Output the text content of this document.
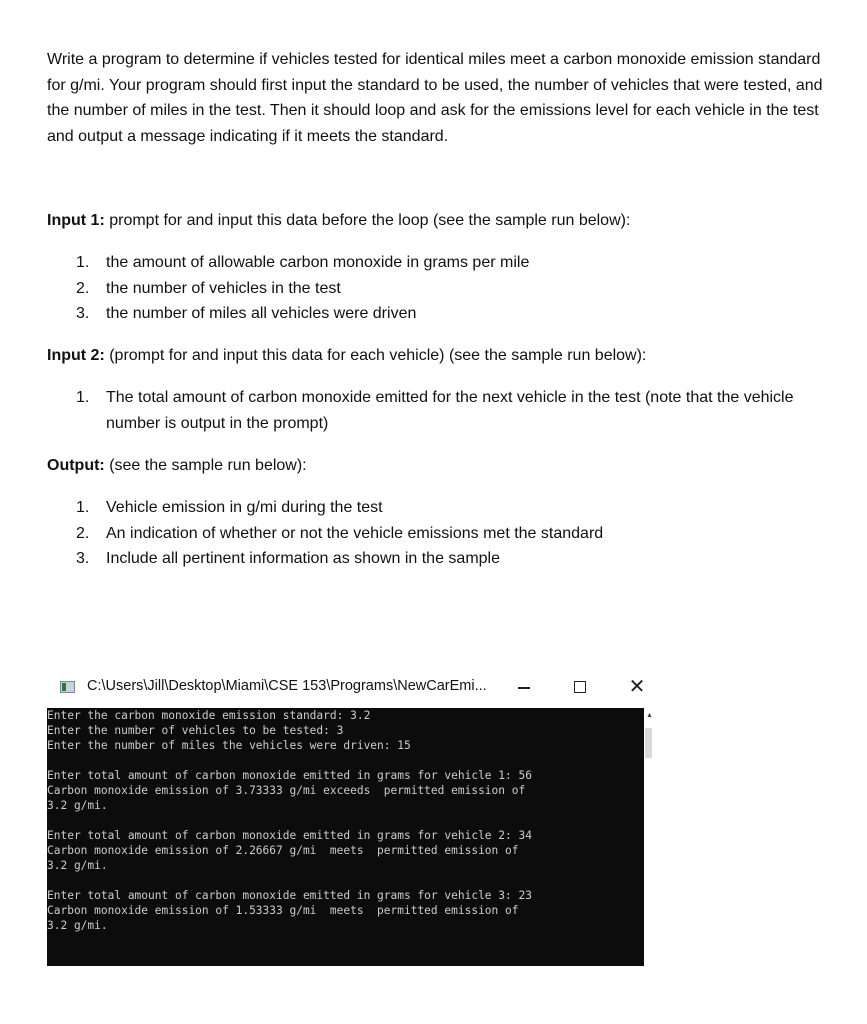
Write a program to determine if vehicles tested for identical miles meet a carbon monoxide emission standard for g/mi. Your program should first input the standard to be used, the number of vehicles that were tested, and the number of miles in the test. Then it should loop and ask for the emissions level for each vehicle in the test and output a message indicating if it meets the standard.

Input 1: prompt for and input this data before the loop (see the sample run below):

1. the amount of allowable carbon monoxide in grams per mile
2. the number of vehicles in the test
3. the number of miles all vehicles were driven

Input 2: (prompt for and input this data for each vehicle) (see the sample run below):

1. The total amount of carbon monoxide emitted for the next vehicle in the test (note that the vehicle number is output in the prompt)

Output: (see the sample run below):

1. Vehicle emission in g/mi during the test
2. An indication of whether or not the vehicle emissions met the standard
3. Include all pertinent information as shown in the sample
C:\Users\Jill\Desktop\Miami\CSE 153\Programs\NewCarEmi...	✕
Enter the carbon monoxide emission standard: 3.2
Enter the number of vehicles to be tested: 3
Enter the number of miles the vehicles were driven: 15
Enter total amount of carbon monoxide emitted in grams for vehicle 1: 56
Carbon monoxide emission of 3.73333 g/mi exceeds  permitted emission of
3.2 g/mi.
Enter total amount of carbon monoxide emitted in grams for vehicle 2: 34
Carbon monoxide emission of 2.26667 g/mi  meets  permitted emission of
3.2 g/mi.
Enter total amount of carbon monoxide emitted in grams for vehicle 3: 23
Carbon monoxide emission of 1.53333 g/mi  meets  permitted emission of
3.2 g/mi.
▲
